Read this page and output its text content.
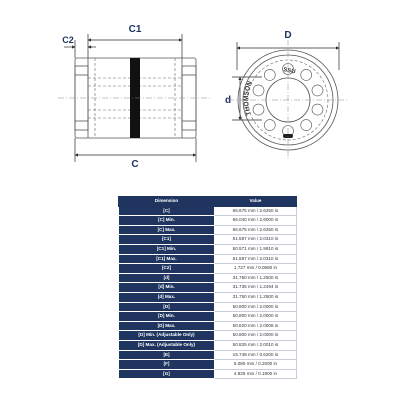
C1
C2
C
D
d
THOMSON
SSU
Dimension	Value
[C]	66.675 mm / 2.6250 in
[C] Min.	66.040 mm / 2.6000 in
[C] Max.	66.675 mm / 2.6250 in
[C1]	51.587 mm / 2.0310 in
[C1] Min.	50.571 mm / 1.9910 in
[C1] Max.	51.587 mm / 2.0310 in
[C2]	1.727 mm / 0.0680 in
[d]	31.750 mm / 1.2500 in
[d] Min.	31.735 mm / 1.2494 in
[d] Max.	31.750 mm / 1.2500 in
[D]	50.800 mm / 2.0000 in
[D] Min.	50.800 mm / 2.0000 in
[D] Max.	50.820 mm / 2.0008 in
[D] Min. (Adjustable Only)	50.800 mm / 2.0000 in
[D] Max. (Adjustable Only)	50.825 mm / 2.0010 in
[E]	15.748 mm / 0.6200 in
[F]	5.080 mm / 0.2000 in
[G]	4.826 mm / 0.1900 in
